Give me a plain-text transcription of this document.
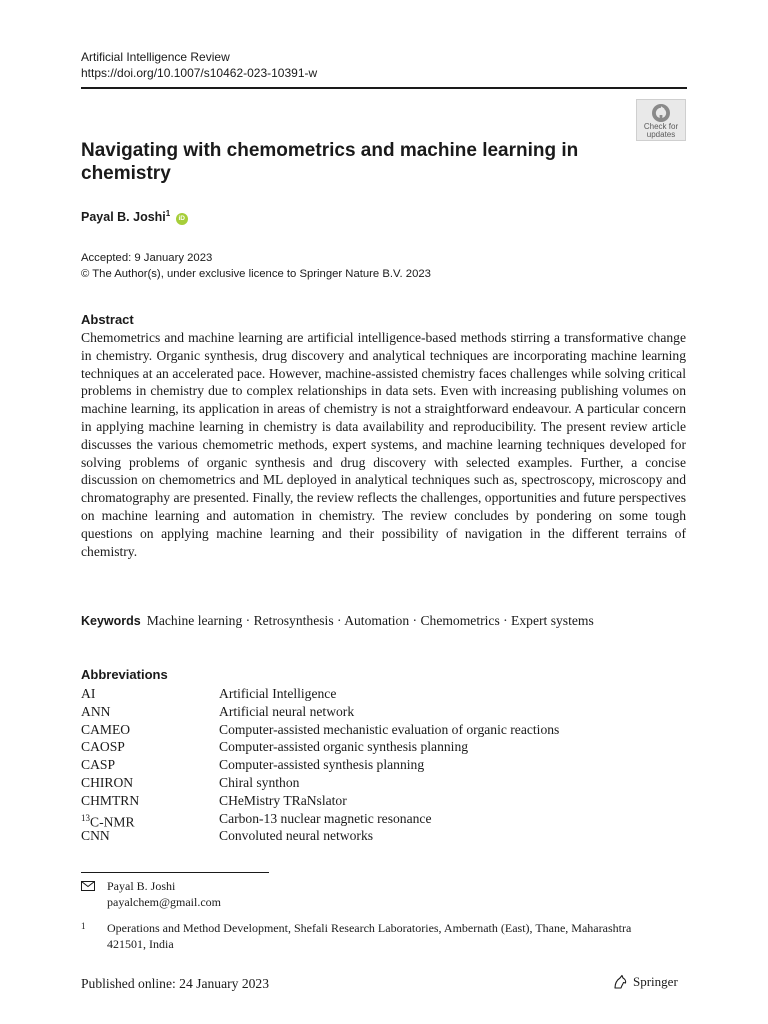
Artificial Intelligence Review
https://doi.org/10.1007/s10462-023-10391-w
Check for
updates
Navigating with chemometrics and machine learning in chemistry
Payal B. Joshi$^1$ iD
Accepted: 9 January 2023
© The Author(s), under exclusive licence to Springer Nature B.V. 2023
Abstract

Chemometrics and machine learning are artificial intelligence-based methods stirring a transformative change in chemistry. Organic synthesis, drug discovery and analytical techniques are incorporating machine learning techniques at an accelerated pace. However, machine-assisted chemistry faces challenges while solving critical problems in chemistry due to complex relationships in data sets. Even with increasing publishing volumes on machine learning, its application in areas of chemistry is not a straightforward endeavour. A particular concern in applying machine learning in chemistry is data availability and reproducibility. The present review article discusses the various chemometric methods, expert systems, and machine learning techniques developed for solving problems of organic synthesis and drug discovery with selected examples. Further, a concise discussion on chemometrics and ML deployed in analytical techniques such as, spectroscopy, microscopy and chromatography are presented. Finally, the review reflects the challenges, opportunities and future perspectives on machine learning and automation in chemistry. The review concludes by pondering on some tough questions on applying machine learning and their possibility of navigation in the different terrains of chemistry.

Keywords Machine learning · Retrosynthesis · Automation · Chemometrics · Expert systems
Abbreviations
AI	Artificial Intelligence
ANN	Artificial neural network
CAMEO	Computer-assisted mechanistic evaluation of organic reactions
CAOSP	Computer-assisted organic synthesis planning
CASP	Computer-assisted synthesis planning
CHIRON	Chiral synthon
CHMTRN	CHeMistry TRaNslator
$^{13}$C-NMR	Carbon-13 nuclear magnetic resonance
CNN	Convoluted neural networks
Payal B. Joshi
payalchem@gmail.com
1 Operations and Method Development, Shefali Research Laboratories, Ambernath (East), Thane, Maharashtra 421501, India
Published online: 24 January 2023	Springer
